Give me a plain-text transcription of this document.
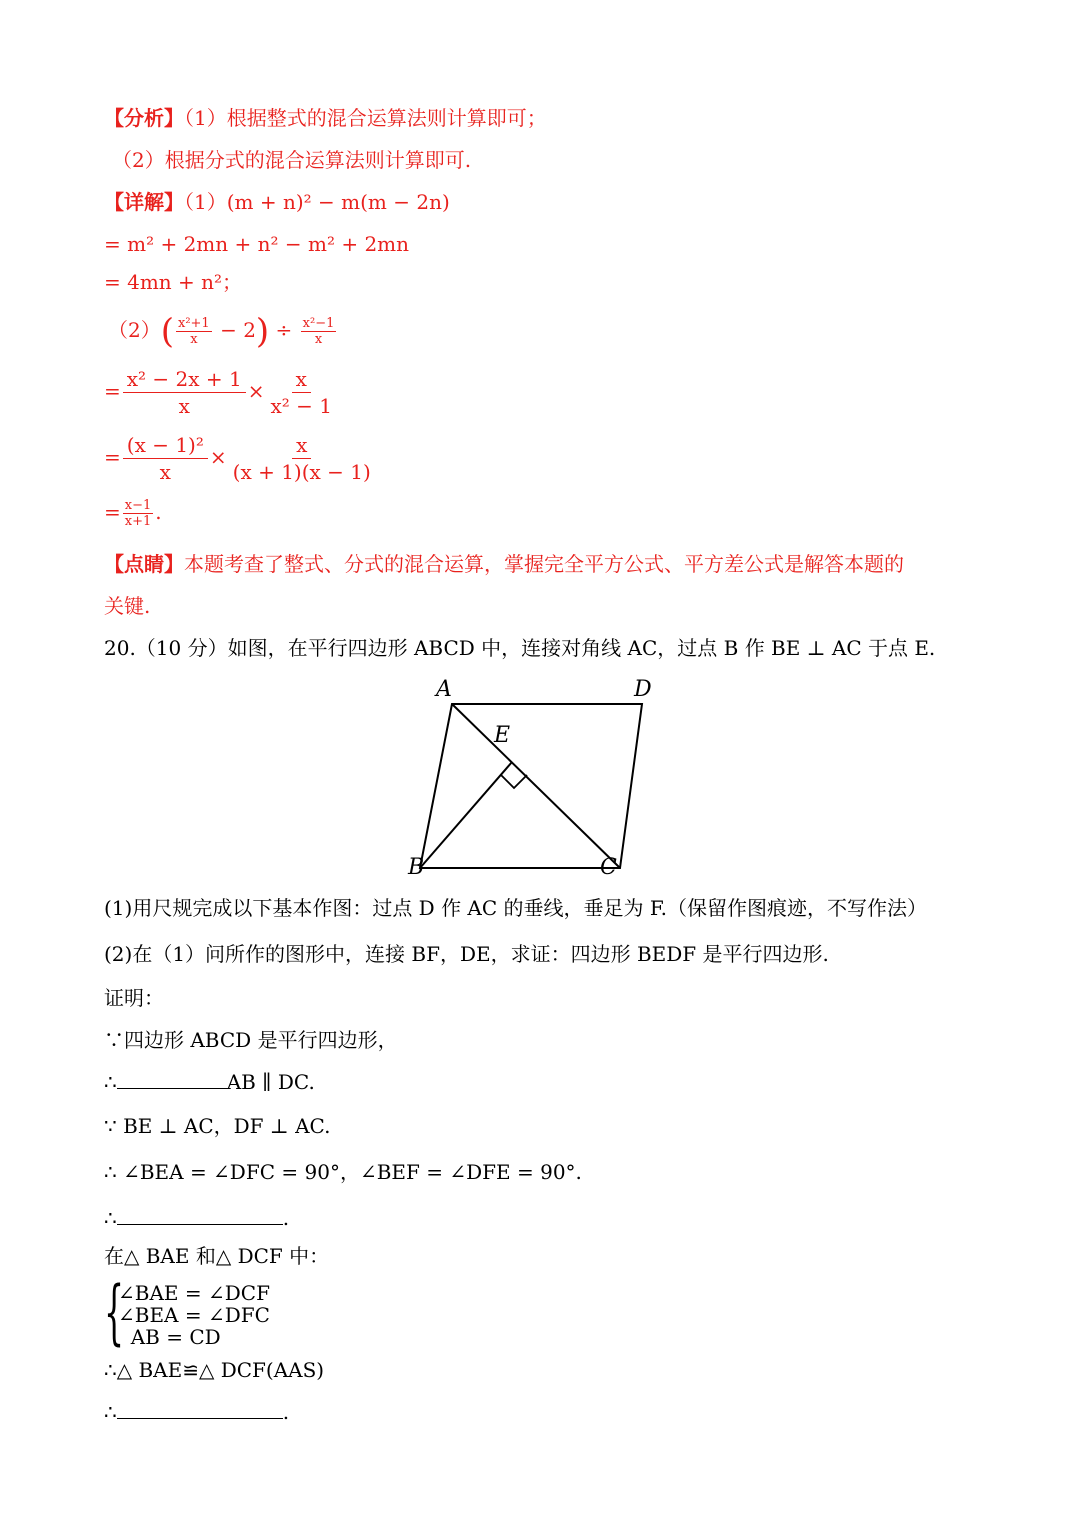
【分析】（1）根据整式的混合运算法则计算即可；
（2）根据分式的混合运算法则计算即可.
【详解】（1）(m + n)² − m(m − 2n)
= m² + 2mn + n² − m² + 2mn
= 4mn + n²；
$(2)( \frac{\text{x²+1}}{x} - 2) \div \frac{\text{x²−1}}{x}$
= $\frac{\text{x² − 2x + 1}}{x} \times \frac{x}{\text{x² − 1}}$
= $\frac{\text{(x − 1)²}}{x} \times \frac{x}{(x + 1)(x - 1)}$
= $\frac{x-1}{x+1}$ .
【点睛】本题考查了整式、分式的混合运算，掌握完全平方公式、平方差公式是解答本题的
关键.
20.（10 分）如图，在平行四边形 ABCD 中，连接对角线 AC，过点 B 作 BE ⊥ AC 于点 E.
A	D
E
B	C
(1)用尺规完成以下基本作图：过点 D 作 AC 的垂线，垂足为 F.（保留作图痕迹，不写作法）
(2)在（1）问所作的图形中，连接 BF，DE，求证：四边形 BEDF 是平行四边形.
证明：
∵四边形 ABCD 是平行四边形，
∴	AB ∥ DC.
∵ BE ⊥ AC，DF ⊥ AC.
∴ ∠BEA = ∠DFC = 90°，∠BEF = ∠DFE = 90°.
∴	.
在△ BAE 和△ DCF 中：
{
∠BAE = ∠DCF
∠BEA = ∠DFC
AB = CD
∴△ BAE≌△ DCF(AAS)
∴	.
